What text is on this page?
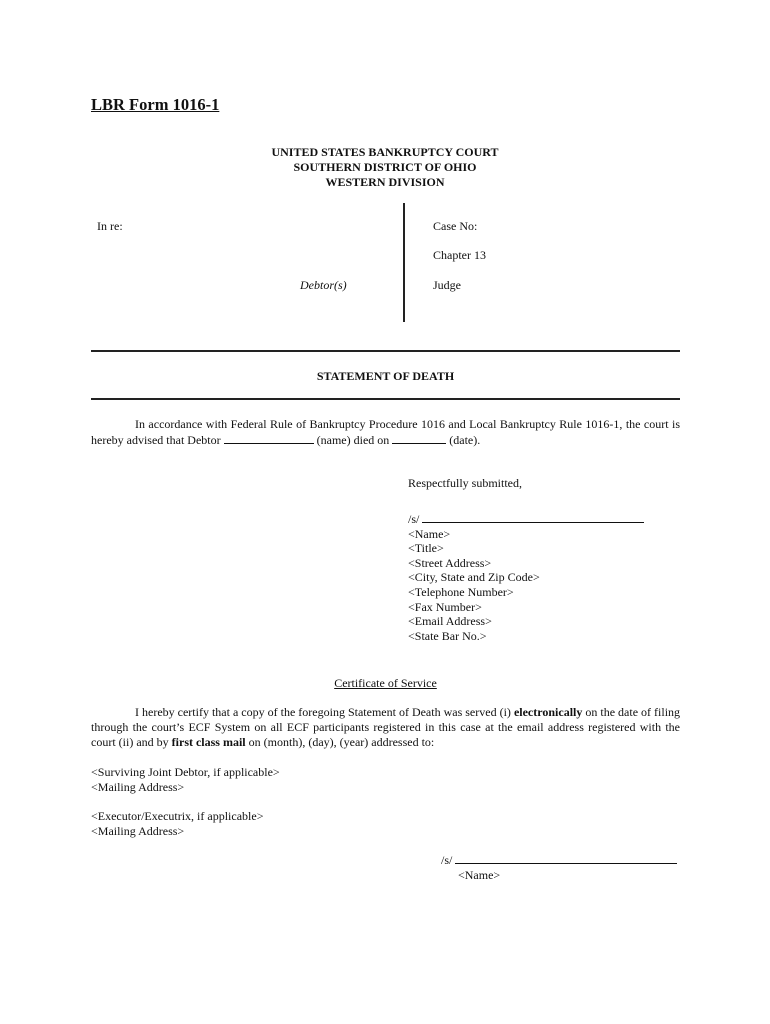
LBR Form 1016-1
UNITED STATES BANKRUPTCY COURT
SOUTHERN DISTRICT OF OHIO
WESTERN DIVISION
In re:
Debtor(s)
Case No:
Chapter 13
Judge
STATEMENT OF DEATH
In accordance with Federal Rule of Bankruptcy Procedure 1016 and Local Bankruptcy Rule 1016-1, the court is hereby advised that Debtor	(name) died on	(date).
Respectfully submitted,
/s/
<Name>
<Title>
<Street Address>
<City, State and Zip Code>
<Telephone Number>
<Fax Number>
<Email Address>
<State Bar No.>
Certificate of Service
I hereby certify that a copy of the foregoing Statement of Death was served (i) electronically on the date of filing through the court’s ECF System on all ECF participants registered in this case at the email address registered with the court (ii) and by first class mail on (month), (day), (year) addressed to:
<Surviving Joint Debtor, if applicable>
<Mailing Address>
<Executor/Executrix, if applicable>
<Mailing Address>
/s/
<Name>
